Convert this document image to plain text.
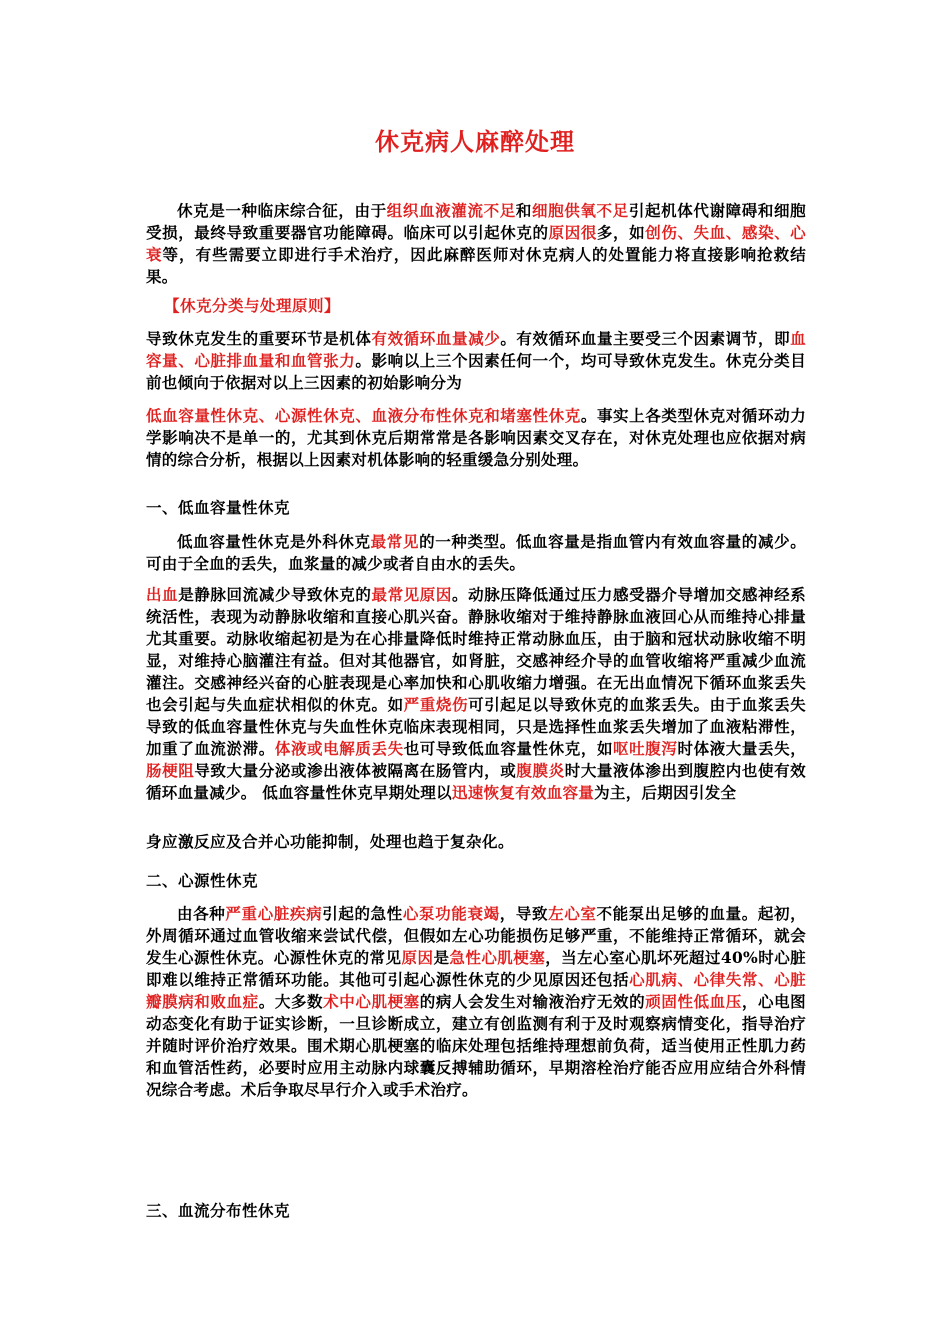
休克病人麻醉处理

休克是一种临床综合征，由于组织血液灌流不足和细胞供氧不足引起机体代谢障碍和细胞受损，最终导致重要器官功能障碍。临床可以引起休克的原因很多，如创伤、失血、感染、心衰等，有些需要立即进行手术治疗，因此麻醉医师对休克病人的处置能力将直接影响抢救结果。

【休克分类与处理原则】

导致休克发生的重要环节是机体有效循环血量减少。有效循环血量主要受三个因素调节，即血容量、心脏排血量和血管张力。影响以上三个因素任何一个，均可导致休克发生。休克分类目前也倾向于依据对以上三因素的初始影响分为

低血容量性休克、心源性休克、血液分布性休克和堵塞性休克。事实上各类型休克对循环动力学影响决不是单一的，尤其到休克后期常常是各影响因素交叉存在，对休克处理也应依据对病情的综合分析，根据以上因素对机体影响的轻重缓急分别处理。

一、低血容量性休克

低血容量性休克是外科休克最常见的一种类型。低血容量是指血管内有效血容量的减少。可由于全血的丢失，血浆量的减少或者自由水的丢失。

出血是静脉回流减少导致休克的最常见原因。动脉压降低通过压力感受器介导增加交感神经系统活性，表现为动静脉收缩和直接心肌兴奋。静脉收缩对于维持静脉血液回心从而维持心排量尤其重要。动脉收缩起初是为在心排量降低时维持正常动脉血压，由于脑和冠状动脉收缩不明显，对维持心脑灌注有益。但对其他器官，如肾脏，交感神经介导的血管收缩将严重减少血流灌注。交感神经兴奋的心脏表现是心率加快和心肌收缩力增强。在无出血情况下循环血浆丢失也会引起与失血症状相似的休克。如严重烧伤可引起足以导致休克的血浆丢失。由于血浆丢失导致的低血容量性休克与失血性休克临床表现相同，只是选择性血浆丢失增加了血液粘滞性，加重了血流淤滞。体液或电解质丢失也可导致低血容量性休克，如呕吐腹泻时体液大量丢失，肠梗阻导致大量分泌或渗出液体被隔离在肠管内，或腹膜炎时大量液体渗出到腹腔内也使有效循环血量减少。 低血容量性休克早期处理以迅速恢复有效血容量为主，后期因引发全

身应激反应及合并心功能抑制，处理也趋于复杂化。
二、心源性休克

由各种严重心脏疾病引起的急性心泵功能衰竭，导致左心室不能泵出足够的血量。起初，外周循环通过血管收缩来尝试代偿，但假如左心功能损伤足够严重，不能维持正常循环，就会发生心源性休克。心源性休克的常见原因是急性心肌梗塞，当左心室心肌坏死超过40%时心脏即难以维持正常循环功能。其他可引起心源性休克的少见原因还包括心肌病、心律失常、心脏瓣膜病和败血症。大多数术中心肌梗塞的病人会发生对输液治疗无效的顽固性低血压，心电图动态变化有助于证实诊断，一旦诊断成立，建立有创监测有利于及时观察病情变化，指导治疗并随时评价治疗效果。围术期心肌梗塞的临床处理包括维持理想前负荷，适当使用正性肌力药和血管活性药，必要时应用主动脉内球囊反搏辅助循环，早期溶栓治疗能否应用应结合外科情况综合考虑。术后争取尽早行介入或手术治疗。

三、血流分布性休克
